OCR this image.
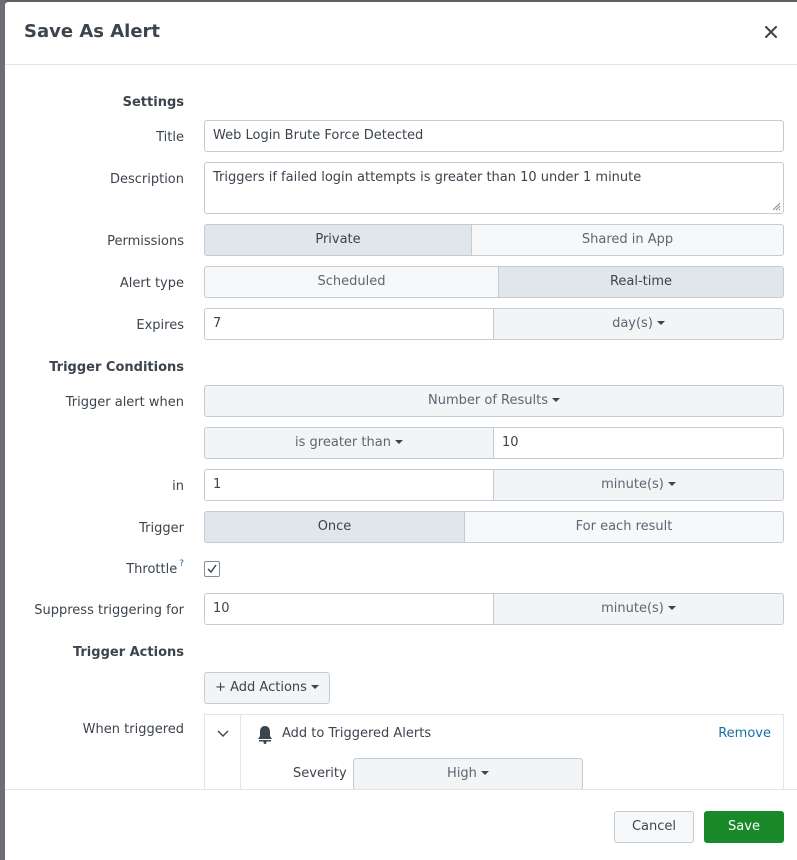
Save As Alert
Settings
Title	Web Login Brute Force Detected
Description	Triggers if failed login attempts is greater than 10 under 1 minute
Permissions	Private	Shared in App
Alert type	Scheduled	Real-time
Expires	7	day(s)
Trigger Conditions
Trigger alert when	Number of Results
is greater than	10
in	1	minute(s)
Trigger	Once	For each result
Throttle ?
Suppress triggering for	10	minute(s)
Trigger Actions
+ Add Actions
When triggered	Add to Triggered Alerts	Remove
Severity	High
Cancel	Save
